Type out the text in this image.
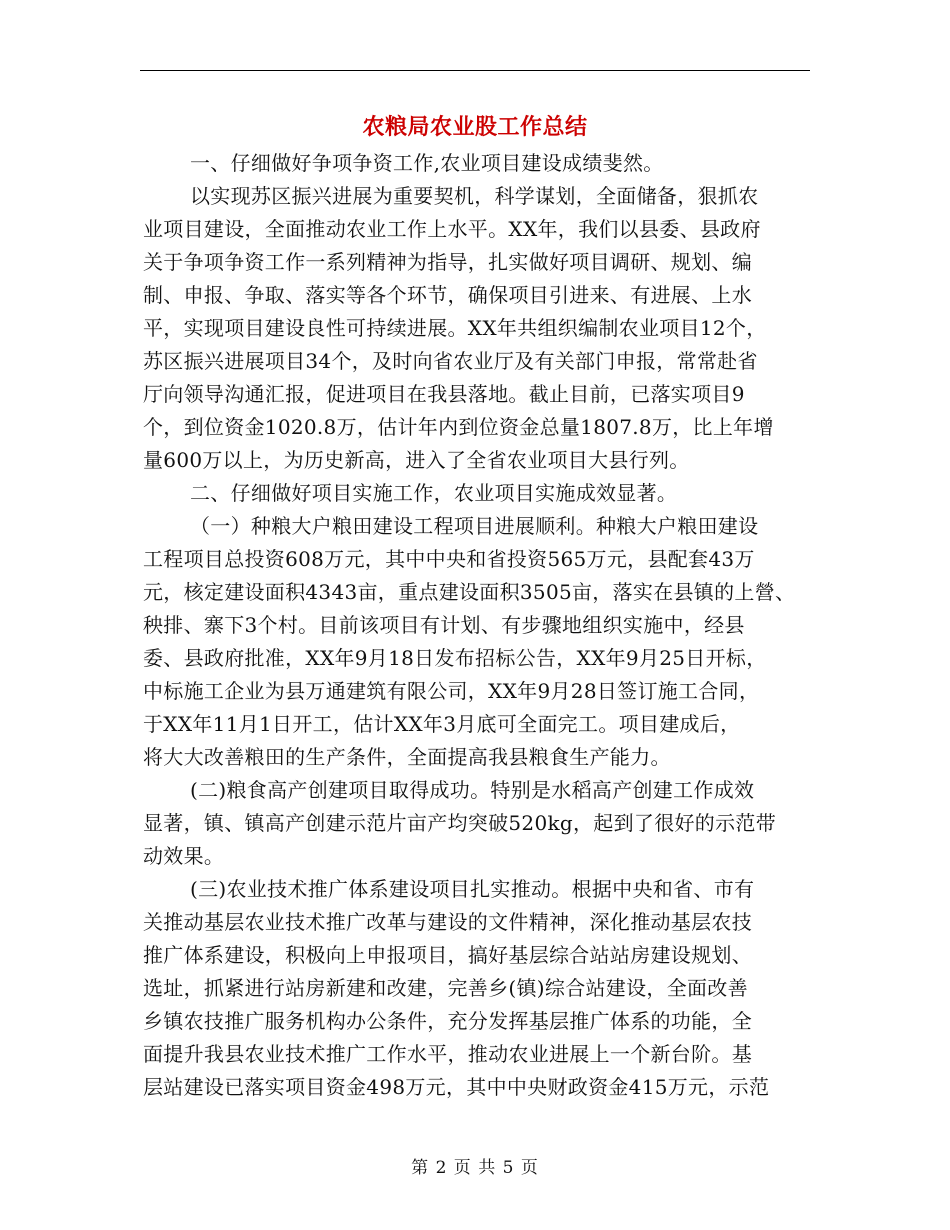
农粮局农业股工作总结
一、仔细做好争项争资工作,农业项目建设成绩斐然。
以实现苏区振兴进展为重要契机，科学谋划，全面储备，狠抓农
业项目建设，全面推动农业工作上水平。XX年，我们以县委、县政府
关于争项争资工作一系列精神为指导，扎实做好项目调研、规划、编
制、申报、争取、落实等各个环节，确保项目引进来、有进展、上水
平，实现项目建设良性可持续进展。XX年共组织编制农业项目12个，
苏区振兴进展项目34个，及时向省农业厅及有关部门申报，常常赴省
厅向领导沟通汇报，促进项目在我县落地。截止目前，已落实项目9
个，到位资金1020.8万，估计年内到位资金总量1807.8万，比上年增
量600万以上，为历史新高，进入了全省农业项目大县行列。
二、仔细做好项目实施工作，农业项目实施成效显著。
（一）种粮大户粮田建设工程项目进展顺利。种粮大户粮田建设
工程项目总投资608万元，其中中央和省投资565万元，县配套43万
元，核定建设面积4343亩，重点建设面积3505亩，落实在县镇的上營、
秧排、寨下3个村。目前该项目有计划、有步骤地组织实施中，经县
委、县政府批准，XX年9月18日发布招标公告，XX年9月25日开标，
中标施工企业为县万通建筑有限公司，XX年9月28日签订施工合同，
于XX年11月1日开工，估计XX年3月底可全面完工。项目建成后，
将大大改善粮田的生产条件，全面提高我县粮食生产能力。
(二)粮食高产创建项目取得成功。特别是水稻高产创建工作成效
显著，镇、镇高产创建示范片亩产均突破520kg，起到了很好的示范带
动效果。
(三)农业技术推广体系建设项目扎实推动。根据中央和省、市有
关推动基层农业技术推广改革与建设的文件精神，深化推动基层农技
推广体系建设，积极向上申报项目，搞好基层综合站站房建设规划、
选址，抓紧进行站房新建和改建，完善乡(镇)综合站建设，全面改善
乡镇农技推广服务机构办公条件，充分发挥基层推广体系的功能，全
面提升我县农业技术推广工作水平，推动农业进展上一个新台阶。基
层站建设已落实项目资金498万元，其中中央财政资金415万元，示范
第 2 页 共 5 页
